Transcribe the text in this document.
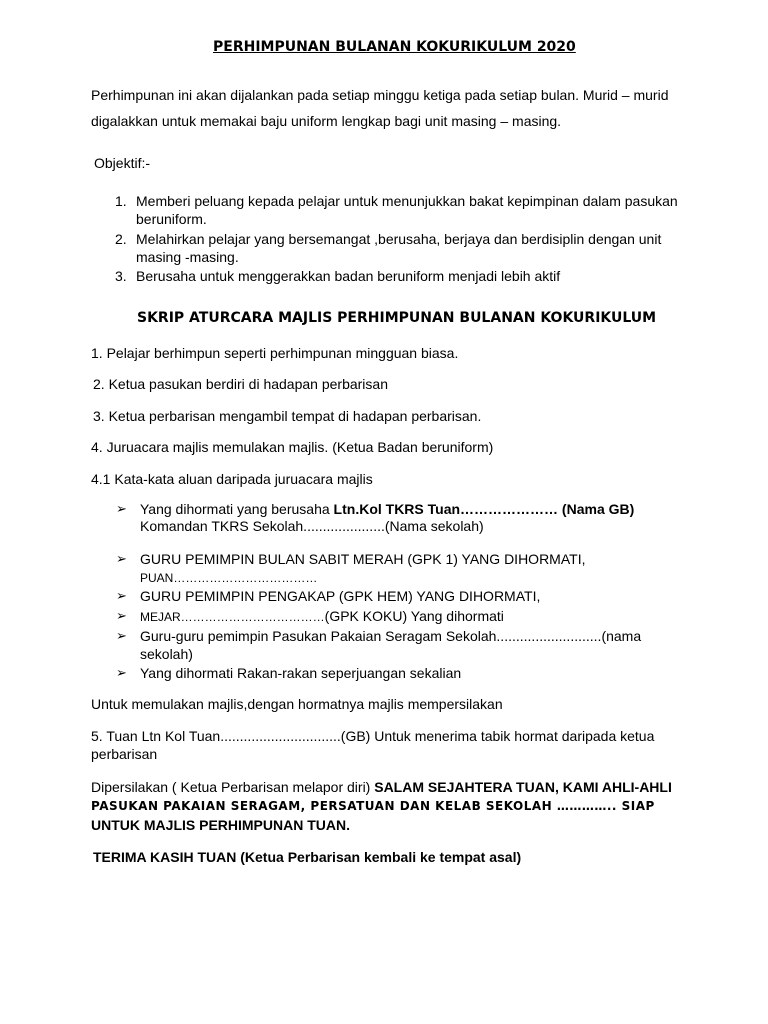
PERHIMPUNAN BULANAN KOKURIKULUM 2020
Perhimpunan ini akan dijalankan pada setiap minggu ketiga pada setiap bulan. Murid – murid
digalakkan untuk memakai baju uniform lengkap bagi unit masing – masing.
Objektif:-
1. Memberi peluang kepada pelajar untuk menunjukkan bakat kepimpinan dalam pasukan
beruniform.
2. Melahirkan pelajar yang bersemangat ,berusaha, berjaya dan berdisiplin dengan unit
masing -masing.
3. Berusaha untuk menggerakkan badan beruniform menjadi lebih aktif
SKRIP ATURCARA MAJLIS PERHIMPUNAN BULANAN KOKURIKULUM
1. Pelajar berhimpun seperti perhimpunan mingguan biasa.
2. Ketua pasukan berdiri di hadapan perbarisan
3. Ketua perbarisan mengambil tempat di hadapan perbarisan.
4. Juruacara majlis memulakan majlis. (Ketua Badan beruniform)
4.1 Kata-kata aluan daripada juruacara majlis
➢ Yang dihormati yang berusaha Ltn.Kol TKRS Tuan………………… (Nama GB)
Komandan TKRS Sekolah.....................(Nama sekolah)
➢ GURU PEMIMPIN BULAN SABIT MERAH (GPK 1) YANG DIHORMATI,
PUAN………………………………
➢ GURU PEMIMPIN PENGAKAP (GPK HEM) YANG DIHORMATI,
➢ MEJAR………………………………(GPK KOKU) Yang dihormati
➢ Guru-guru pemimpin Pasukan Pakaian Seragam Sekolah...........................(nama
sekolah)
➢ Yang dihormati Rakan-rakan seperjuangan sekalian
Untuk memulakan majlis,dengan hormatnya majlis mempersilakan
5. Tuan Ltn Kol Tuan...............................(GB) Untuk menerima tabik hormat daripada ketua
perbarisan
Dipersilakan ( Ketua Perbarisan melapor diri) SALAM SEJAHTERA TUAN, KAMI AHLI-AHLI
PASUKAN PAKAIAN SERAGAM, PERSATUAN DAN KELAB SEKOLAH ………….. SIAP
UNTUK MAJLIS PERHIMPUNAN TUAN.
TERIMA KASIH TUAN (Ketua Perbarisan kembali ke tempat asal)
